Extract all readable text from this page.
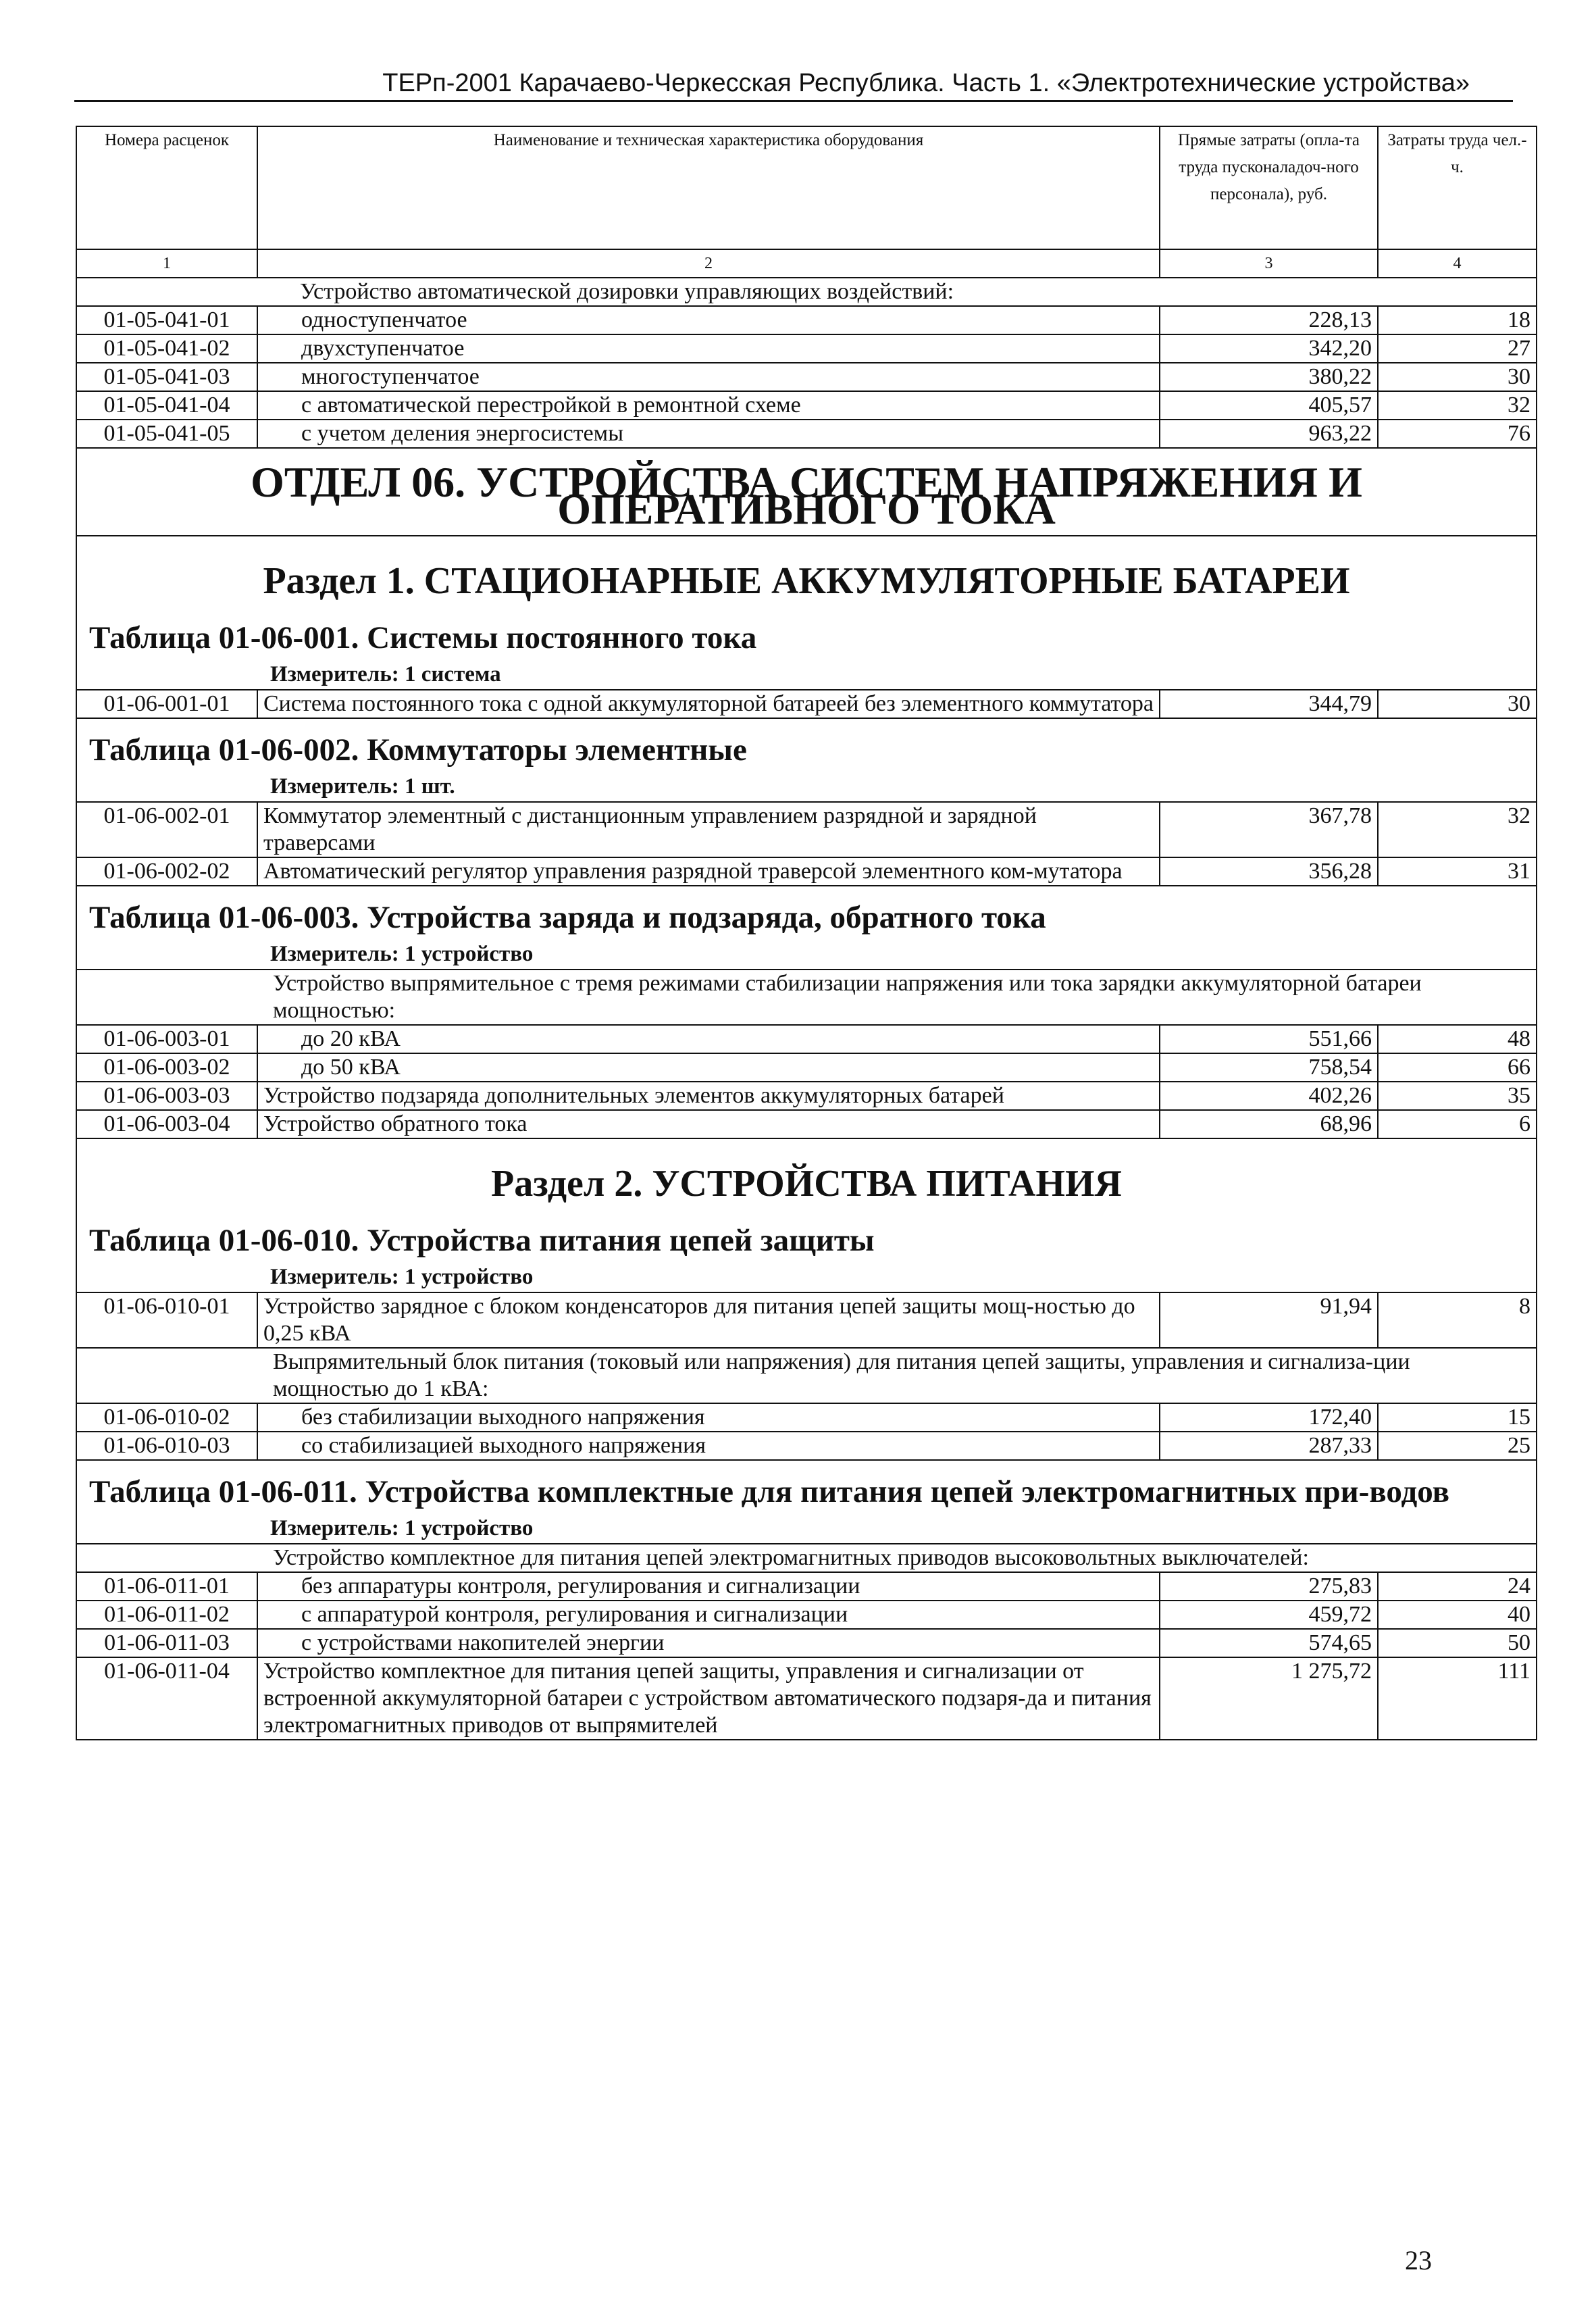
ТЕРп-2001 Карачаево-Черкесская Республика. Часть 1. «Электротехнические устройства»
Номера расценок	Наименование и техническая характеристика оборудования	Прямые затраты (опла-та труда пусконаладоч-ного персонала), руб.	Затраты труда чел.-ч.
1	2	3	4
Устройство автоматической дозировки управляющих воздействий:			
01-05-041-01	одноступенчатое	228,13	18
01-05-041-02	двухступенчатое	342,20	27
01-05-041-03	многоступенчатое	380,22	30
01-05-041-04	с автоматической перестройкой в ремонтной схеме	405,57	32
01-05-041-05	с учетом деления энергосистемы	963,22	76
ОТДЕЛ 06. УСТРОЙСТВА СИСТЕМ НАПРЯЖЕНИЯ И ОПЕРАТИВНОГО ТОКА			
Раздел 1. СТАЦИОНАРНЫЕ АККУМУЛЯТОРНЫЕ БАТАРЕИ			
Таблица 01-06-001. Системы постоянного тока			
Измеритель: 1 система			
01-06-001-01	Система постоянного тока с одной аккумуляторной батареей без элементного коммутатора	344,79	30
Таблица 01-06-002. Коммутаторы элементные			
Измеритель: 1 шт.			
01-06-002-01	Коммутатор элементный с дистанционным управлением разрядной и зарядной траверсами	367,78	32
01-06-002-02	Автоматический регулятор управления разрядной траверсой элементного ком-мутатора	356,28	31
Таблица 01-06-003. Устройства заряда и подзаряда, обратного тока			
Измеритель: 1 устройство			
Устройство выпрямительное с тремя режимами стабилизации напряжения или тока зарядки аккумуляторной батареи мощностью:			
01-06-003-01	до 20 кВА	551,66	48
01-06-003-02	до 50 кВА	758,54	66
01-06-003-03	Устройство подзаряда дополнительных элементов аккумуляторных батарей	402,26	35
01-06-003-04	Устройство обратного тока	68,96	6
Раздел 2. УСТРОЙСТВА ПИТАНИЯ			
Таблица 01-06-010. Устройства питания цепей защиты			
Измеритель: 1 устройство			
01-06-010-01	Устройство зарядное с блоком конденсаторов для питания цепей защиты мощ-ностью до 0,25 кВА	91,94	8
Выпрямительный блок питания (токовый или напряжения) для питания цепей защиты, управления и сигнализа-ции мощностью до 1 кВА:			
01-06-010-02	без стабилизации выходного напряжения	172,40	15
01-06-010-03	со стабилизацией выходного напряжения	287,33	25
Таблица 01-06-011. Устройства комплектные для питания цепей электромагнитных при-водов			
Измеритель: 1 устройство			
Устройство комплектное для питания цепей электромагнитных приводов высоковольтных выключателей:			
01-06-011-01	без аппаратуры контроля, регулирования и сигнализации	275,83	24
01-06-011-02	с аппаратурой контроля, регулирования и сигнализации	459,72	40
01-06-011-03	с устройствами накопителей энергии	574,65	50
01-06-011-04	Устройство комплектное для питания цепей защиты, управления и сигнализации от встроенной аккумуляторной батареи с устройством автоматического подзаря-да и питания электромагнитных приводов от выпрямителей	1 275,72	111
23
